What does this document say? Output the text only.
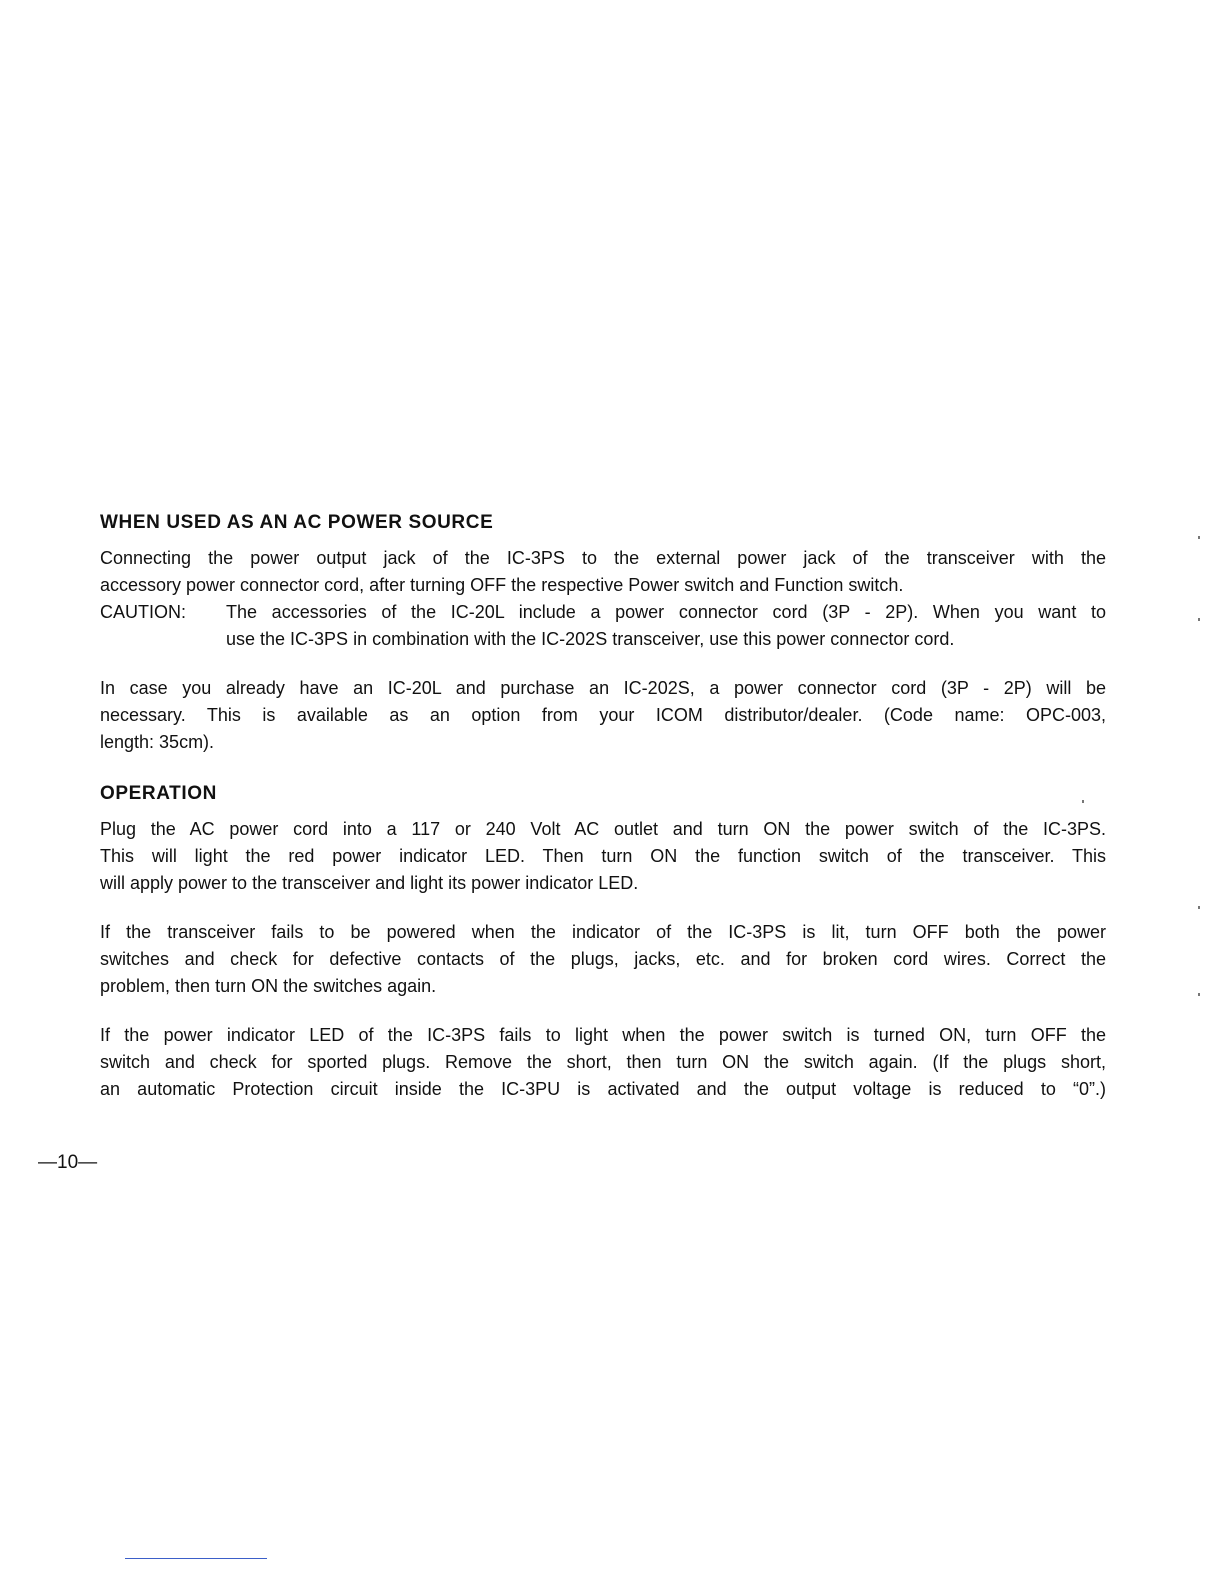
WHEN USED AS AN AC POWER SOURCE

Connecting the power output jack of the IC-3PS to the external power jack of the transceiver with the
accessory power connector cord, after turning OFF the respective Power switch and Function switch.

CAUTION:	The accessories of the IC-20L include a power connector cord (3P - 2P). When you want to
use the IC-3PS in combination with the IC-202S transceiver, use this power connector cord.

In case you already have an IC-20L and purchase an IC-202S, a power connector cord (3P - 2P) will be
necessary. This is available as an option from your ICOM distributor/dealer. (Code name: OPC-003,
length: 35cm).

OPERATION

Plug the AC power cord into a 117 or 240 Volt AC outlet and turn ON the power switch of the IC-3PS.
This will light the red power indicator LED. Then turn ON the function switch of the transceiver. This
will apply power to the transceiver and light its power indicator LED.

If the transceiver fails to be powered when the indicator of the IC-3PS is lit, turn OFF both the power
switches and check for defective contacts of the plugs, jacks, etc. and for broken cord wires. Correct the
problem, then turn ON the switches again.

If the power indicator LED of the IC-3PS fails to light when the power switch is turned ON, turn OFF the
switch and check for sported plugs. Remove the short, then turn ON the switch again. (If the plugs short,
an automatic Protection circuit inside the IC-3PU is activated and the output voltage is reduced to “0”.)

—10—
